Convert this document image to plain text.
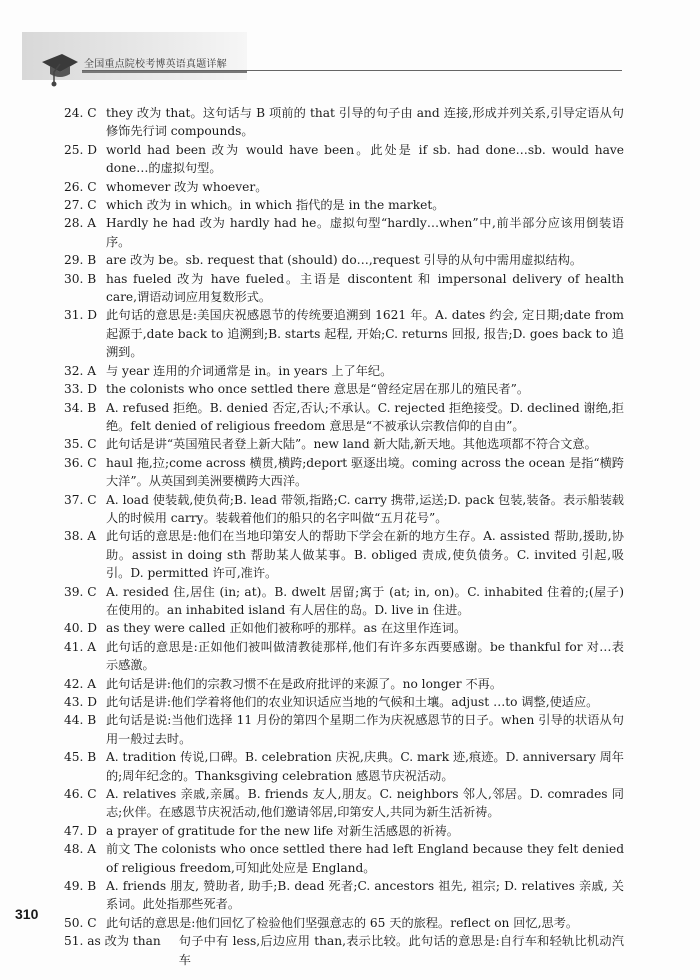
全国重点院校考博英语真题详解
24. C they 改为 that。这句话与 B 项前的 that 引导的句子由 and 连接,形成并列关系,引导定语从句修饰先行词 compounds。
25. D world had been 改为 would have been。此处是 if sb. had done…sb. would have done…的虚拟句型。
26. C whomever 改为 whoever。
27. C which 改为 in which。in which 指代的是 in the market。
28. A Hardly he had 改为 hardly had he。虚拟句型“hardly…when”中,前半部分应该用倒装语序。
29. B are 改为 be。sb. request that (should) do…,request 引导的从句中需用虚拟结构。
30. B has fueled 改为 have fueled。主语是 discontent 和 impersonal delivery of health care,谓语动词应用复数形式。
31. D 此句话的意思是:美国庆祝感恩节的传统要追溯到 1621 年。A. dates 约会, 定日期;date from 起源于,date back to 追溯到;B. starts 起程, 开始;C. returns 回报, 报告;D. goes back to 追溯到。
32. A 与 year 连用的介词通常是 in。in years 上了年纪。
33. D the colonists who once settled there 意思是“曾经定居在那儿的殖民者”。
34. B A. refused 拒绝。B. denied 否定,否认;不承认。C. rejected 拒绝接受。D. declined 谢绝,拒绝。felt denied of religious freedom 意思是“不被承认宗教信仰的自由”。
35. C 此句话是讲“英国殖民者登上新大陆”。new land 新大陆,新天地。其他选项都不符合文意。
36. C haul 拖,拉;come across 横贯,横跨;deport 驱逐出境。coming across the ocean 是指“横跨大洋”。从英国到美洲要横跨大西洋。
37. C A. load 使装载,使负荷;B. lead 带领,指路;C. carry 携带,运送;D. pack 包装,装备。表示船装载人的时候用 carry。装载着他们的船只的名字叫做“五月花号”。
38. A 此句话的意思是:他们在当地印第安人的帮助下学会在新的地方生存。A. assisted 帮助,援助,协助。assist in doing sth 帮助某人做某事。B. obliged 责成,使负债务。C. invited 引起,吸引。D. permitted 许可,准许。
39. C A. resided 住,居住 (in; at)。B. dwelt 居留;寓于 (at; in, on)。C. inhabited 住着的;(屋子)在使用的。an inhabited island 有人居住的岛。D. live in 住进。
40. D as they were called 正如他们被称呼的那样。as 在这里作连词。
41. A 此句话的意思是:正如他们被叫做清教徒那样,他们有许多东西要感谢。be thankful for 对…表示感激。
42. A 此句话是讲:他们的宗教习惯不在是政府批评的来源了。no longer 不再。
43. D 此句话是讲:他们学着将他们的农业知识适应当地的气候和土壤。adjust …to 调整,使适应。
44. B 此句话是说:当他们选择 11 月份的第四个星期二作为庆祝感恩节的日子。when 引导的状语从句用一般过去时。
45. B A. tradition 传说,口碑。B. celebration 庆祝,庆典。C. mark 迹,痕迹。D. anniversary 周年的;周年纪念的。Thanksgiving celebration 感恩节庆祝活动。
46. C A. relatives 亲戚,亲属。B. friends 友人,朋友。C. neighbors 邻人,邻居。D. comrades 同志;伙伴。在感恩节庆祝活动,他们邀请邻居,印第安人,共同为新生活祈祷。
47. D a prayer of gratitude for the new life 对新生活感恩的祈祷。
48. A 前文 The colonists who once settled there had left England because they felt denied of religious freedom,可知此处应是 England。
49. B A. friends 朋友, 赞助者, 助手;B. dead 死者;C. ancestors 祖先, 祖宗; D. relatives 亲戚, 关系词。此处指那些死者。
50. C 此句话的意思是:他们回忆了检验他们坚强意志的 65 天的旅程。reflect on 回忆,思考。
51. as 改为 than 句子中有 less,后边应用 than,表示比较。此句话的意思是:自行车和轻轨比机动汽车
310
